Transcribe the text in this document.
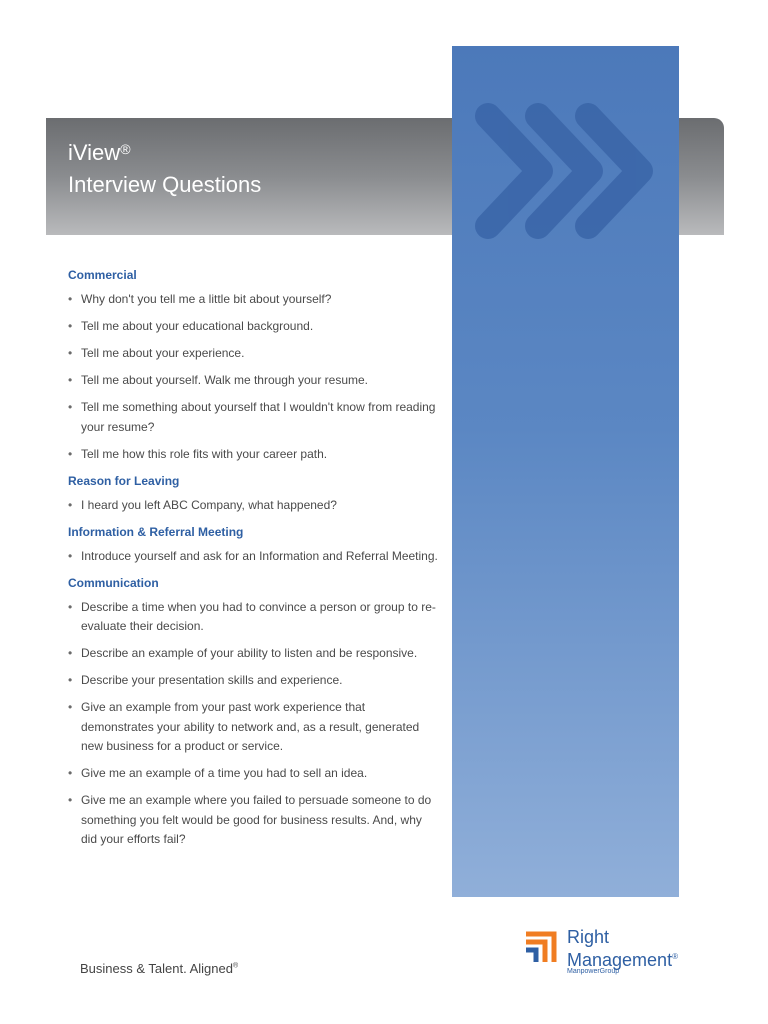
iView®
Interview Questions
Commercial
• Why don't you tell me a little bit about yourself?
• Tell me about your educational background.
• Tell me about your experience.
• Tell me about yourself. Walk me through your resume.
• Tell me something about yourself that I wouldn't know from reading your resume?
• Tell me how this role fits with your career path.
Reason for Leaving
• I heard you left ABC Company, what happened?
Information & Referral Meeting
• Introduce yourself and ask for an Information and Referral Meeting.
Communication
• Describe a time when you had to convince a person or group to re-evaluate their decision.
• Describe an example of your ability to listen and be responsive.
• Describe your presentation skills and experience.
• Give an example from your past work experience that demonstrates your ability to network and, as a result, generated new business for a product or service.
• Give me an example of a time you had to sell an idea.
• Give me an example where you failed to persuade someone to do something you felt would be good for business results. And, why did your efforts fail?
Business & Talent. Aligned®
Right
Management®
ManpowerGroup
